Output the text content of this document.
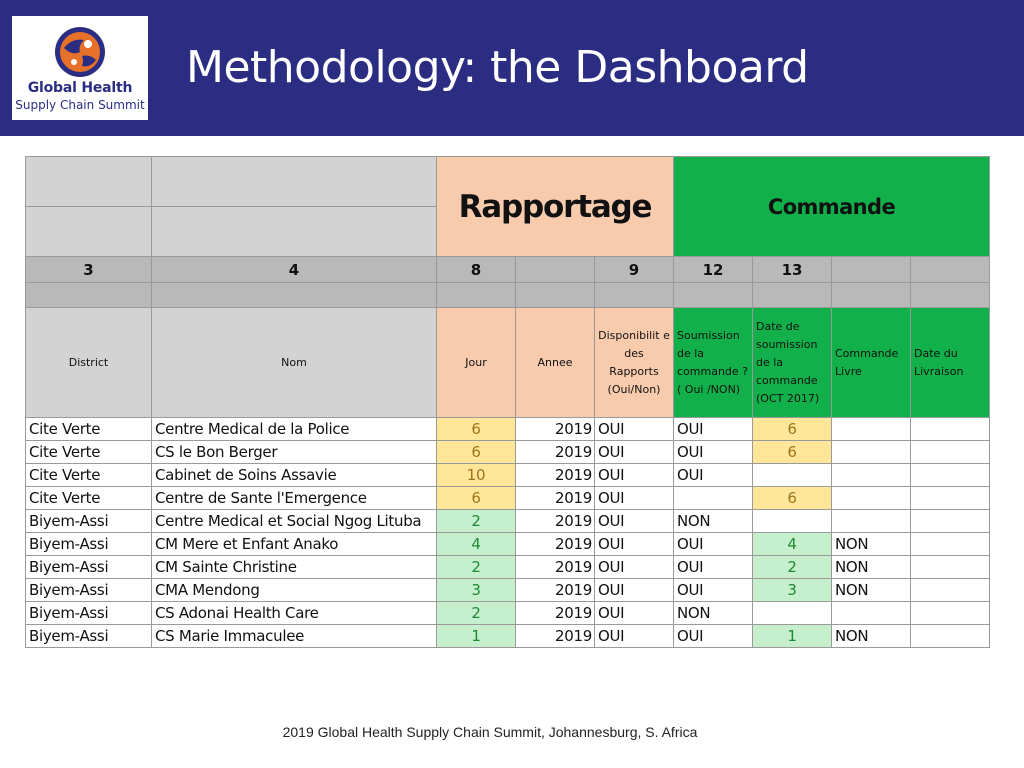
Global Health
Supply Chain Summit
Methodology: the Dashboard
		Rapportage			Commande			

3	4	8		9	12	13		

District	Nom	Jour	Annee	Disponibilit e des Rapports (Oui/Non)	Soumission de la commande ?( Oui /NON)	Date de soumission de la commande (OCT 2017)	Commande Livre	Date du Livraison
Cite Verte	Centre Medical de la Police	6	2019	OUI	OUI	6		
Cite Verte	CS le Bon Berger	6	2019	OUI	OUI	6		
Cite Verte	Cabinet de Soins Assavie	10	2019	OUI	OUI			
Cite Verte	Centre de Sante l'Emergence	6	2019	OUI		6		
Biyem-Assi	Centre Medical et Social Ngog Lituba	2	2019	OUI	NON			
Biyem-Assi	CM Mere et Enfant Anako	4	2019	OUI	OUI	4	NON	
Biyem-Assi	CM Sainte Christine	2	2019	OUI	OUI	2	NON	
Biyem-Assi	CMA Mendong	3	2019	OUI	OUI	3	NON	
Biyem-Assi	CS Adonai Health Care	2	2019	OUI	NON			
Biyem-Assi	CS Marie Immaculee	1	2019	OUI	OUI	1	NON	
2019 Global Health Supply Chain Summit, Johannesburg, S. Africa
